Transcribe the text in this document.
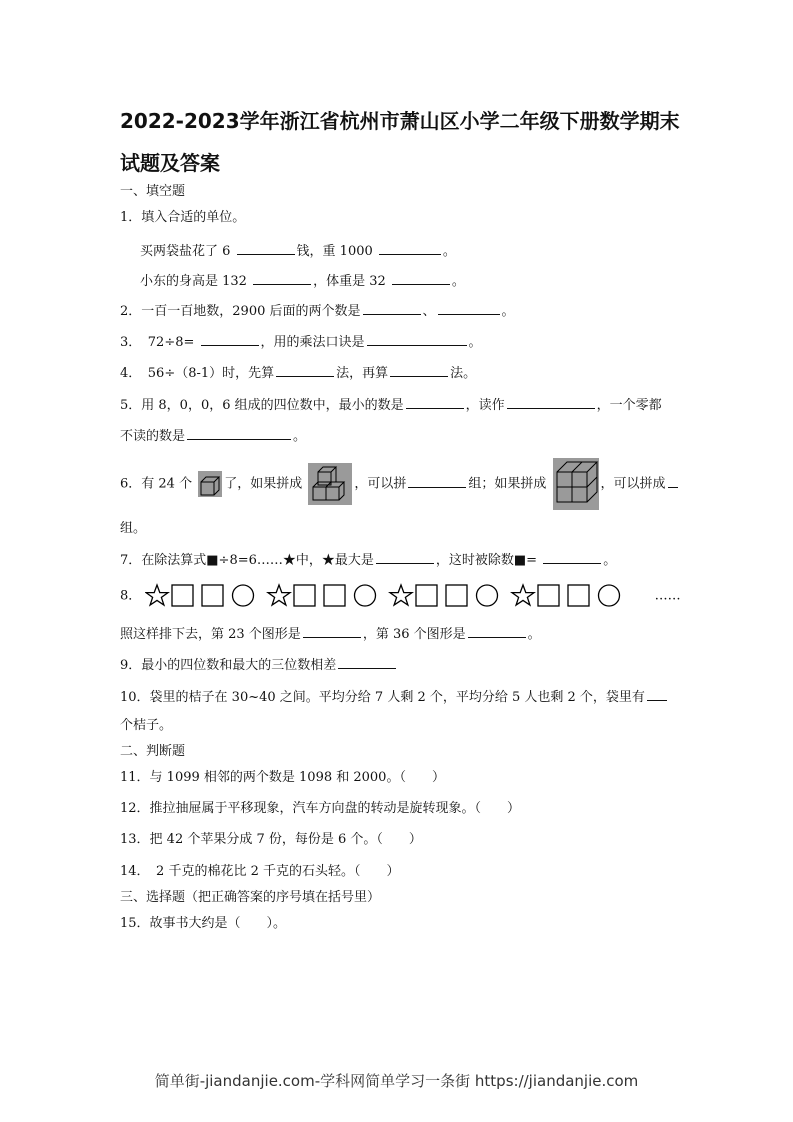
2022-2023学年浙江省杭州市萧山区小学二年级下册数学期末试题及答案
一、填空题
1．填入合适的单位。
买两袋盐花了 6	钱，重 1000	。
小东的身高是 132	，体重是 32	。
2．一百一百地数，2900 后面的两个数是	、	。
3．　72÷8=	，用的乘法口诀是	。
4．　56÷（8-1）时，先算	法，再算	法。
5．用 8，0，0，6 组成的四位数中，最小的数是	，读作	，一个零都
不读的数是	。
6．有 24 个 了，如果拼成	，可以拼	组；如果拼成	，可以拼成
组。
7．在除法算式■÷8=6……★中，★最大是	，这时被除数■=	。
8．	……
照这样排下去，第 23 个图形是	，第 36 个图形是	。
9．最小的四位数和最大的三位数相差
10．袋里的桔子在 30~40 之间。平均分给 7 人剩 2 个，平均分给 5 人也剩 2 个，袋里有
个桔子。
二、判断题
11．与 1099 相邻的两个数是 1098 和 2000。（　　）
12．推拉抽屉属于平移现象，汽车方向盘的转动是旋转现象。（　　）
13．把 42 个苹果分成 7 份，每份是 6 个。（　　）
14．　2 千克的棉花比 2 千克的石头轻。（　　）
三、选择题（把正确答案的序号填在括号里）
15．故事书大约是（　　）。
简单街-jiandanjie.com-学科网简单学习一条街 https://jiandanjie.com
